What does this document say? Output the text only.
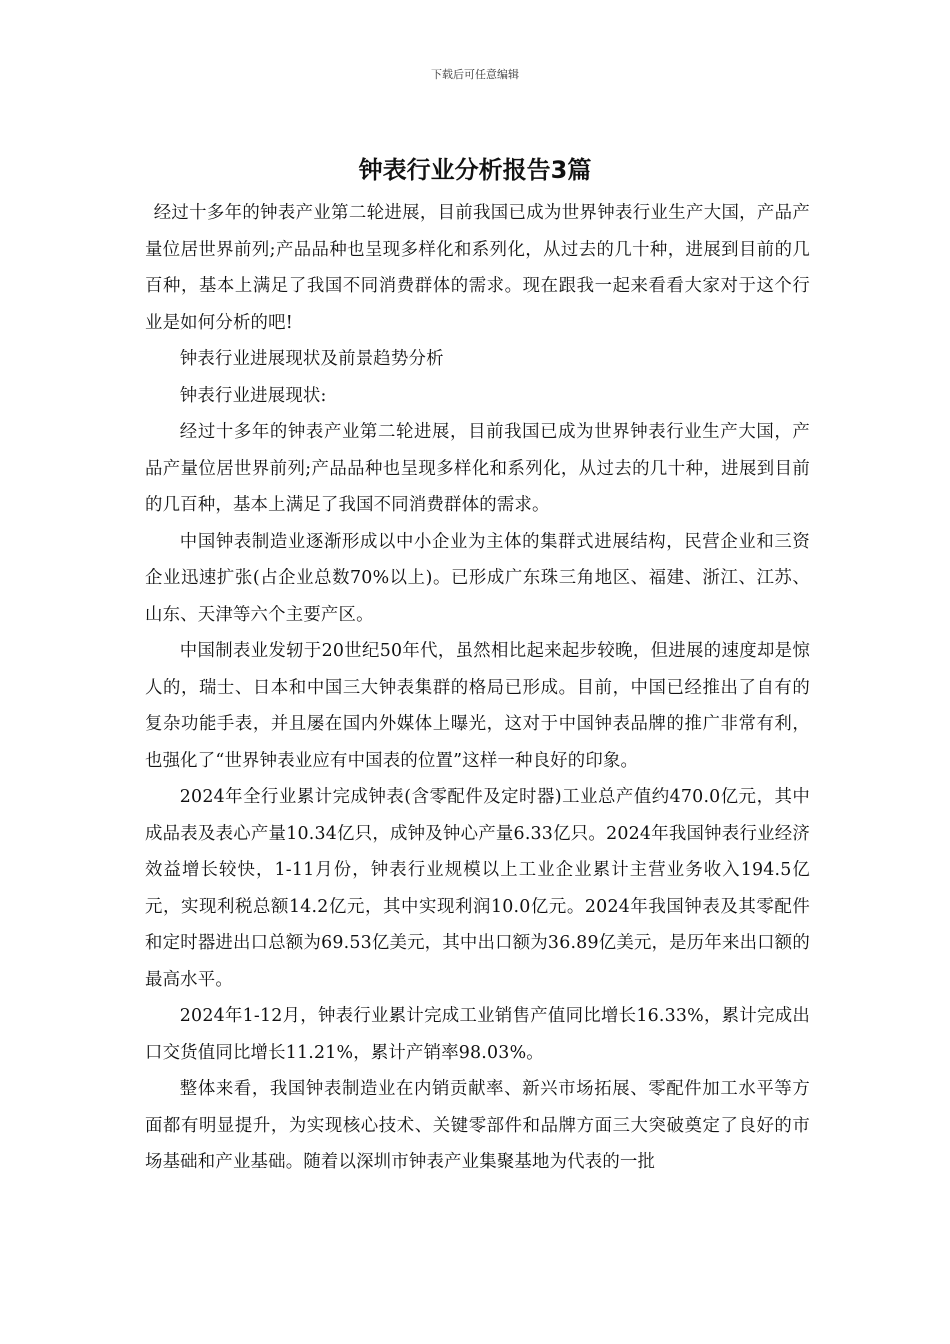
下载后可任意编辑
钟表行业分析报告3篇

经过十多年的钟表产业第二轮进展，目前我国已成为世界钟表行业生产大国，产品产量位居世界前列;产品品种也呈现多样化和系列化，从过去的几十种，进展到目前的几百种，基本上满足了我国不同消费群体的需求。现在跟我一起来看看大家对于这个行业是如何分析的吧!

钟表行业进展现状及前景趋势分析

钟表行业进展现状:

经过十多年的钟表产业第二轮进展，目前我国已成为世界钟表行业生产大国，产品产量位居世界前列;产品品种也呈现多样化和系列化，从过去的几十种，进展到目前的几百种，基本上满足了我国不同消费群体的需求。

中国钟表制造业逐渐形成以中小企业为主体的集群式进展结构，民营企业和三资企业迅速扩张(占企业总数70%以上)。已形成广东珠三角地区、福建、浙江、江苏、山东、天津等六个主要产区。

中国制表业发轫于20世纪50年代，虽然相比起来起步较晚，但进展的速度却是惊人的，瑞士、日本和中国三大钟表集群的格局已形成。目前，中国已经推出了自有的复杂功能手表，并且屡在国内外媒体上曝光，这对于中国钟表品牌的推广非常有利，也强化了“世界钟表业应有中国表的位置”这样一种良好的印象。

2024年全行业累计完成钟表(含零配件及定时器)工业总产值约470.0亿元，其中成品表及表心产量10.34亿只，成钟及钟心产量6.33亿只。2024年我国钟表行业经济效益增长较快，1-11月份，钟表行业规模以上工业企业累计主营业务收入194.5亿元，实现利税总额14.2亿元，其中实现利润10.0亿元。2024年我国钟表及其零配件和定时器进出口总额为69.53亿美元，其中出口额为36.89亿美元，是历年来出口额的最高水平。

2024年1-12月，钟表行业累计完成工业销售产值同比增长16.33%，累计完成出口交货值同比增长11.21%，累计产销率98.03%。

整体来看，我国钟表制造业在内销贡献率、新兴市场拓展、零配件加工水平等方面都有明显提升，为实现核心技术、关键零部件和品牌方面三大突破奠定了良好的市场基础和产业基础。随着以深圳市钟表产业集聚基地为代表的一批
